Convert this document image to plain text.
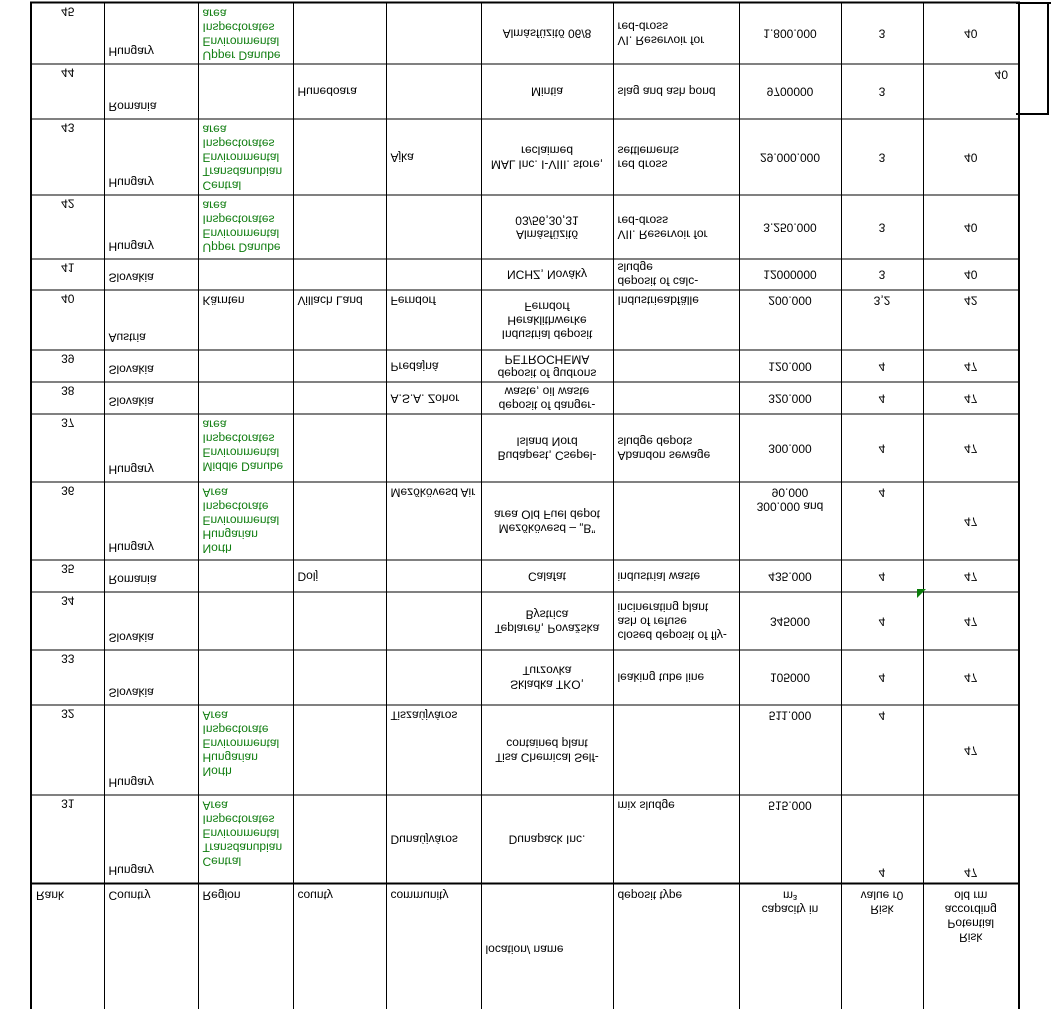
Rank	Country	Region	county	community	location/ name	deposit type	capacity in
m³	Risk
value r0	Risk
Potential
according
old rm
31	Hungary	Central
Transdanubian
Environmental
Inspectorates
Area		Dunaújváros	Dunapack Inc.	mix sludge	515.000	4	47
32	Hungary	North Hungarian
Environmental
Inspectorate
Area		Tiszaújváros	Tisa Chemical Self-
contained plant		511.000	4	47
33	Slovakia				Skladka TKO,
Turzovka	leaking tube line	105000	4	47
34	Slovakia				Teplareň, Považska
Bystrica	closed deposit of fly-
ash of refuse
incinerating plant	345000	4	47
35	Romania		Dolj		Calafat	industrial waste	435.000	4	47
36	Hungary	North Hungarian
Environmental
Inspectorate
Area		Mezőkövesd Air	Mezőkövesd – „B”
area Old Fuel depot		300.000 and
90.000	4	47
37	Hungary	Middle Danube
Environmental
Inspectorates
area			Budapest, Csepel-
Island Nord	Abandon sewage
sludge depots	300.000	4	47
38	Slovakia			A.S.A. Zohor	deposit of danger-
waste, oil waste		320.000	4	47
39	Slovakia			Predajná	deposit of gudrons
PETROCHEMA		120.000	4	47
40	Austria	Kärnten	Villach Land	Ferndorf	Industrial deposit
Heraklithwerke
Ferndorf	Industrieabfälle	200.000	3,2	42
41	Slovakia				NCHZ, Nováky	deposit of calc-
sludge	12000000	3	40
42	Hungary	Upper Danube
Environmental
Inspectorates
area			Almásfüzitő
03/56,30,31	VII. Reservoir for
red-dross	3.250.000	3	40
43	Hungary	Central
Transdanubian
Environmental
Inspectorates
area		Ajka	MAL Inc. I-VIII. store,
reclaimed	red dross
settlements	29.000.000	3	40
44	Romania		Hunedoara		Mintia	slag and ash pond	9700000	3	40
45	Hungary	Upper Danube
Environmental
Inspectorates
area			Almásfüzitő 06/8	VI. Reservoir for
red-dross	1.800.000	3	40
